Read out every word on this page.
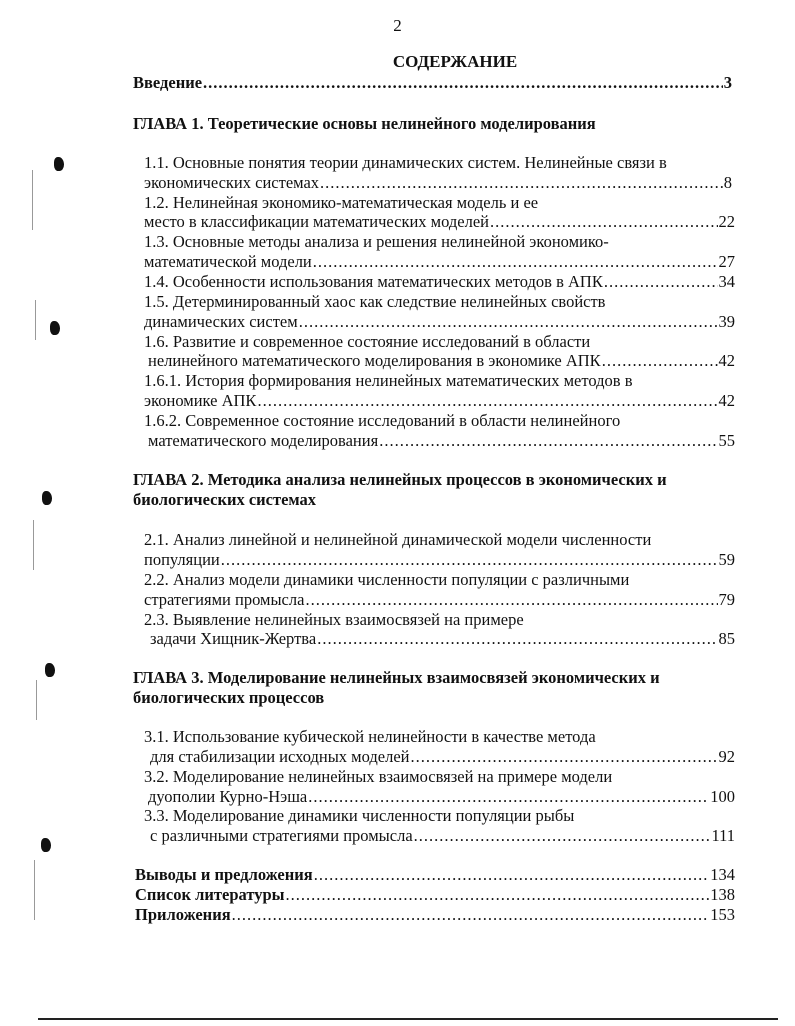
2
СОДЕРЖАНИЕ
Введение .....	3
ГЛАВА 1. Теоретические основы нелинейного моделирования
1.1. Основные понятия теории динамических систем. Нелинейные связи в
экономических системах .....	8
1.2. Нелинейная экономико-математическая модель и ее
место в классификации математических моделей .....	22
1.3. Основные методы анализа и решения нелинейной экономико-
математической модели .....	27
1.4. Особенности использования математических методов в АПК .....	34
1.5. Детерминированный хаос как следствие нелинейных свойств
динамических систем .....	39
1.6. Развитие и современное состояние исследований в области
нелинейного математического моделирования в экономике АПК .....	42
1.6.1. История формирования нелинейных математических методов в
экономике АПК .....	42
1.6.2. Современное состояние исследований в области нелинейного
математического моделирования .....	55
ГЛАВА 2. Методика анализа нелинейных процессов в экономических и
биологических системах
2.1. Анализ линейной и нелинейной динамической модели численности
популяции .....	59
2.2. Анализ модели динамики численности популяции с различными
стратегиями промысла .....	79
2.3. Выявление нелинейных взаимосвязей на примере
задачи Хищник-Жертва .....	85
ГЛАВА 3. Моделирование нелинейных взаимосвязей экономических и
биологических процессов
3.1. Использование кубической нелинейности в качестве метода
для стабилизации исходных моделей .....	92
3.2. Моделирование нелинейных взаимосвязей на примере модели
дуополии Курно-Нэша .....	100
3.3. Моделирование динамики численности популяции рыбы
с различными стратегиями промысла .....	111
Выводы и предложения .....	134
Список литературы .....	138
Приложения .....	153
